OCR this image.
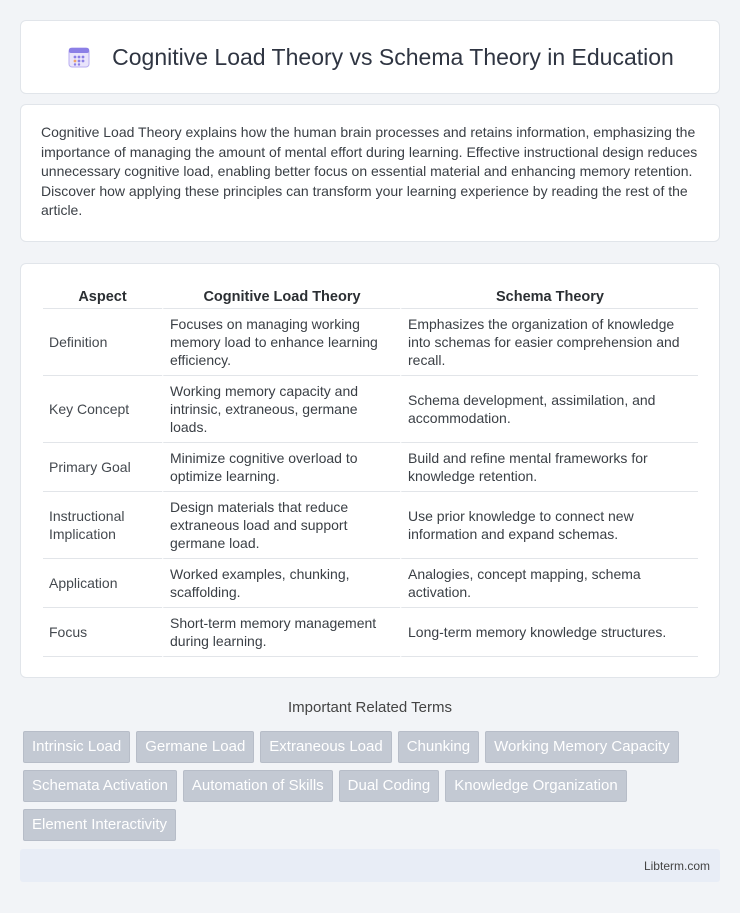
Cognitive Load Theory vs Schema Theory in Education

Cognitive Load Theory explains how the human brain processes and retains information, emphasizing the importance of managing the amount of mental effort during learning. Effective instructional design reduces unnecessary cognitive load, enabling better focus on essential material and enhancing memory retention. Discover how applying these principles can transform your learning experience by reading the rest of the article.

Aspect	Cognitive Load Theory	Schema Theory
Definition	Focuses on managing working memory load to enhance learning efficiency.	Emphasizes the organization of knowledge into schemas for easier comprehension and recall.
Key Concept	Working memory capacity and intrinsic, extraneous, germane loads.	Schema development, assimilation, and accommodation.
Primary Goal	Minimize cognitive overload to optimize learning.	Build and refine mental frameworks for knowledge retention.
Instructional Implication	Design materials that reduce extraneous load and support germane load.	Use prior knowledge to connect new information and expand schemas.
Application	Worked examples, chunking, scaffolding.	Analogies, concept mapping, schema activation.
Focus	Short-term memory management during learning.	Long-term memory knowledge structures.
Important Related Terms
Intrinsic Load	Germane Load	Extraneous Load	Chunking	Working Memory Capacity
Schemata Activation	Automation of Skills	Dual Coding	Knowledge Organization
Element Interactivity
Libterm.com
